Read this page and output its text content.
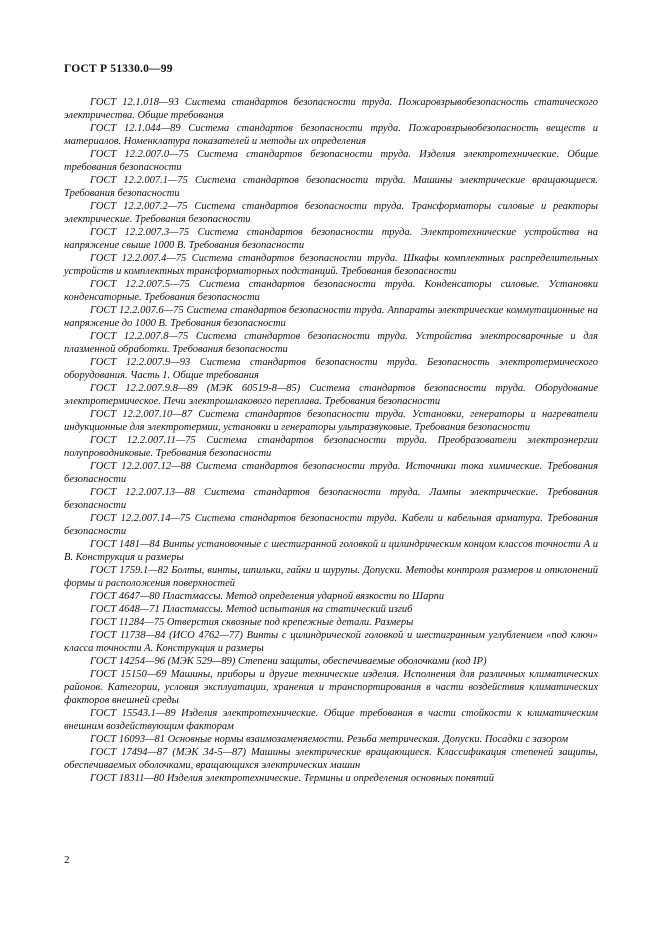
ГОСТ Р 51330.0—99

ГОСТ 12.1.018—93 Система стандартов безопасности труда. Пожаровзрывобезопасность статического электричества. Общие требования

ГОСТ 12.1.044—89 Система стандартов безопасности труда. Пожаровзрывобезопасность веществ и материалов. Номенклатура показателей и методы их определения

ГОСТ 12.2.007.0—75 Система стандартов безопасности труда. Изделия электротехнические. Общие требования безопасности

ГОСТ 12.2.007.1—75 Система стандартов безопасности труда. Машины электрические вращающиеся. Требования безопасности

ГОСТ 12.2.007.2—75 Система стандартов безопасности труда. Трансформаторы силовые и реакторы электрические. Требования безопасности

ГОСТ 12.2.007.3—75 Система стандартов безопасности труда. Электротехнические устройства на напряжение свыше 1000 В. Требования безопасности

ГОСТ 12.2.007.4—75 Система стандартов безопасности труда. Шкафы комплектных распределительных устройств и комплектных трансформаторных подстанций. Требования безопасности

ГОСТ 12.2.007.5—75 Система стандартов безопасности труда. Конденсаторы силовые. Установки конденсаторные. Требования безопасности

ГОСТ 12.2.007.6—75 Система стандартов безопасности труда. Аппараты электрические коммутационные на напряжение до 1000 В. Требования безопасности

ГОСТ 12.2.007.8—75 Система стандартов безопасности труда. Устройства электросварочные и для плазменной обработки. Требования безопасности

ГОСТ 12.2.007.9—93 Система стандартов безопасности труда. Безопасность электротермического оборудования. Часть 1. Общие требования

ГОСТ 12.2.007.9.8—89 (МЭК 60519-8—85) Система стандартов безопасности труда. Оборудование электротермическое. Печи электрошлакового переплава. Требования безопасности

ГОСТ 12.2.007.10—87 Система стандартов безопасности труда. Установки, генераторы и нагреватели индукционные для электротермии, установки и генераторы ультразвуковые. Требования безопасности

ГОСТ 12.2.007.11—75 Система стандартов безопасности труда. Преобразователи электроэнергии полупроводниковые. Требования безопасности

ГОСТ 12.2.007.12—88 Система стандартов безопасности труда. Источники тока химические. Требования безопасности

ГОСТ 12.2.007.13—88 Система стандартов безопасности труда. Лампы электрические. Требования безопасности

ГОСТ 12.2.007.14—75 Система стандартов безопасности труда. Кабели и кабельная арматура. Требования безопасности

ГОСТ 1481—84 Винты установочные с шестигранной головкой и цилиндрическим концом классов точности А и В. Конструкция и размеры

ГОСТ 1759.1—82 Болты, винты, шпильки, гайки и шурупы. Допуски. Методы контроля размеров и отклонений формы и расположения поверхностей

ГОСТ 4647—80 Пластмассы. Метод определения ударной вязкости по Шарпи

ГОСТ 4648—71 Пластмассы. Метод испытания на статический изгиб

ГОСТ 11284—75 Отверстия сквозные под крепежные детали. Размеры

ГОСТ 11738—84 (ИСО 4762—77) Винты с цилиндрической головкой и шестигранным углублением «под ключ» класса точности А. Конструкция и размеры

ГОСТ 14254—96 (МЭК 529—89) Степени защиты, обеспечиваемые оболочками (код IP)

ГОСТ 15150—69 Машины, приборы и другие технические изделия. Исполнения для различных климатических районов. Категории, условия эксплуатации, хранения и транспортирования в части воздействия климатических факторов внешней среды

ГОСТ 15543.1—89 Изделия электротехнические. Общие требования в части стойкости к климатическим внешним воздействующим факторам

ГОСТ 16093—81 Основные нормы взаимозаменяемости. Резьба метрическая. Допуски. Посадки с зазором

ГОСТ 17494—87 (МЭК 34-5—87) Машины электрические вращающиеся. Классификация степеней защиты, обеспечиваемых оболочками, вращающихся электрических машин

ГОСТ 18311—80 Изделия электротехнические. Термины и определения основных понятий

2
